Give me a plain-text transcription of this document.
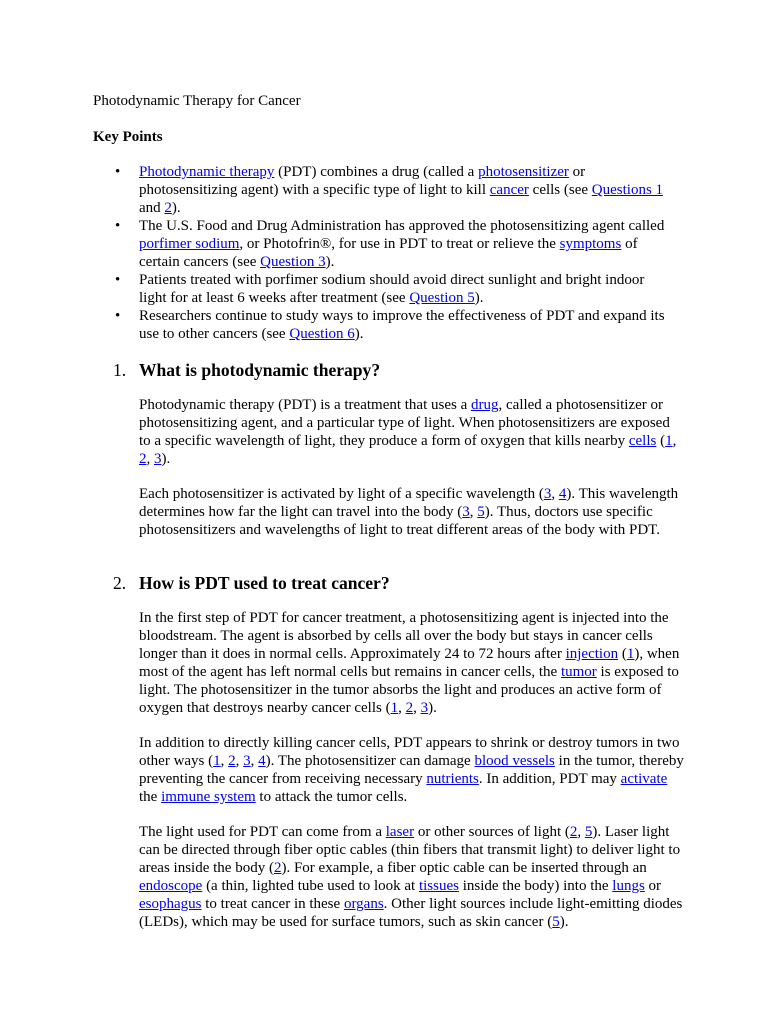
Photodynamic Therapy for Cancer
Key Points
• Photodynamic therapy (PDT) combines a drug (called a photosensitizer or photosensitizing agent) with a specific type of light to kill cancer cells (see Questions 1 and 2).
• The U.S. Food and Drug Administration has approved the photosensitizing agent called porfimer sodium, or Photofrin®, for use in PDT to treat or relieve the symptoms of certain cancers (see Question 3).
• Patients treated with porfimer sodium should avoid direct sunlight and bright indoor light for at least 6 weeks after treatment (see Question 5).
• Researchers continue to study ways to improve the effectiveness of PDT and expand its use to other cancers (see Question 6).
1. What is photodynamic therapy?

Photodynamic therapy (PDT) is a treatment that uses a drug, called a photosensitizer or photosensitizing agent, and a particular type of light. When photosensitizers are exposed to a specific wavelength of light, they produce a form of oxygen that kills nearby cells (1, 2, 3).

Each photosensitizer is activated by light of a specific wavelength (3, 4). This wavelength determines how far the light can travel into the body (3, 5). Thus, doctors use specific photosensitizers and wavelengths of light to treat different areas of the body with PDT.

2. How is PDT used to treat cancer?

In the first step of PDT for cancer treatment, a photosensitizing agent is injected into the bloodstream. The agent is absorbed by cells all over the body but stays in cancer cells longer than it does in normal cells. Approximately 24 to 72 hours after injection (1), when most of the agent has left normal cells but remains in cancer cells, the tumor is exposed to light. The photosensitizer in the tumor absorbs the light and produces an active form of oxygen that destroys nearby cancer cells (1, 2, 3).

In addition to directly killing cancer cells, PDT appears to shrink or destroy tumors in two other ways (1, 2, 3, 4). The photosensitizer can damage blood vessels in the tumor, thereby preventing the cancer from receiving necessary nutrients. In addition, PDT may activate the immune system to attack the tumor cells.

The light used for PDT can come from a laser or other sources of light (2, 5). Laser light can be directed through fiber optic cables (thin fibers that transmit light) to deliver light to areas inside the body (2). For example, a fiber optic cable can be inserted through an endoscope (a thin, lighted tube used to look at tissues inside the body) into the lungs or esophagus to treat cancer in these organs. Other light sources include light-emitting diodes (LEDs), which may be used for surface tumors, such as skin cancer (5).
